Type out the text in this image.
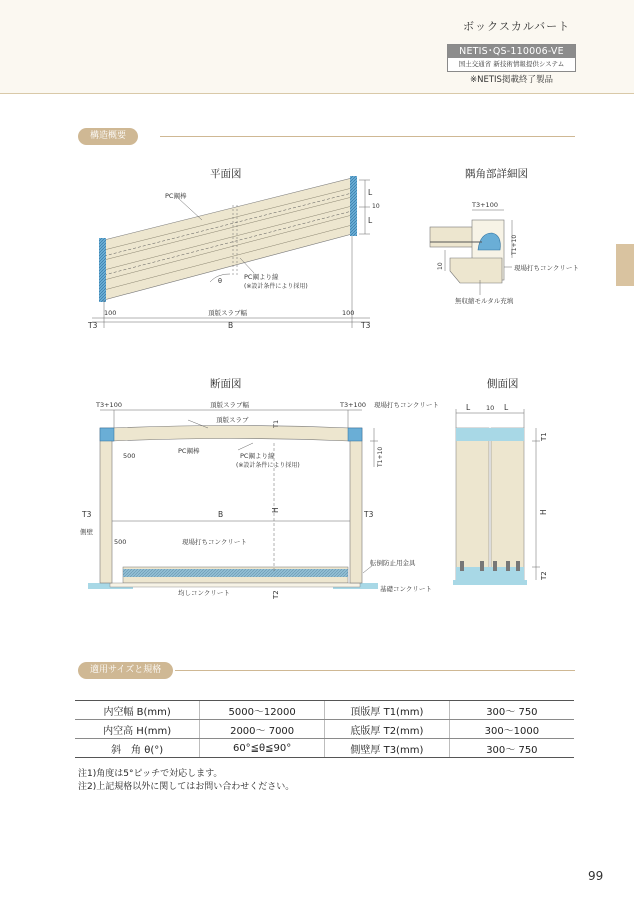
ボックスカルバート
NETIS･QS-110006-VE
国土交通省 新技術情報提供システム
※NETIS掲載終了製品
構造概要
平面図	隅角部詳細図
断面図	側面図
PC鋼棒
PC鋼より線
(※設計条件により採用)
θ
100	頂版スラブ幅	100
B
T3	T3
L
L
10	T3+100
T1+10
10	現場打ちコンクリート
無収縮モルタル充填
T3+100	頂版スラブ幅	T3+100 現場打ちコンクリート
頂版スラブ	T1
T1+10
500
PC鋼棒
PC鋼より線
(※設計条件により採用)
T3	B	H	T3
側壁
500	現場打ちコンクリート
転倒防止用金具
均しコンクリート	T2
基礎コンクリート
L 10 L
T1
H
T2
適用サイズと規格
内空幅 B(mm)	5000〜12000	頂版厚 T1(mm)	300〜 750
内空高 H(mm)	2000〜 7000	底版厚 T2(mm)	300〜1000
斜　角 θ(°)	60°≦θ≦90°	側壁厚 T3(mm)	300〜 750
注1)角度は5°ピッチで対応します。
注2)上記規格以外に関してはお問い合わせください。
99
